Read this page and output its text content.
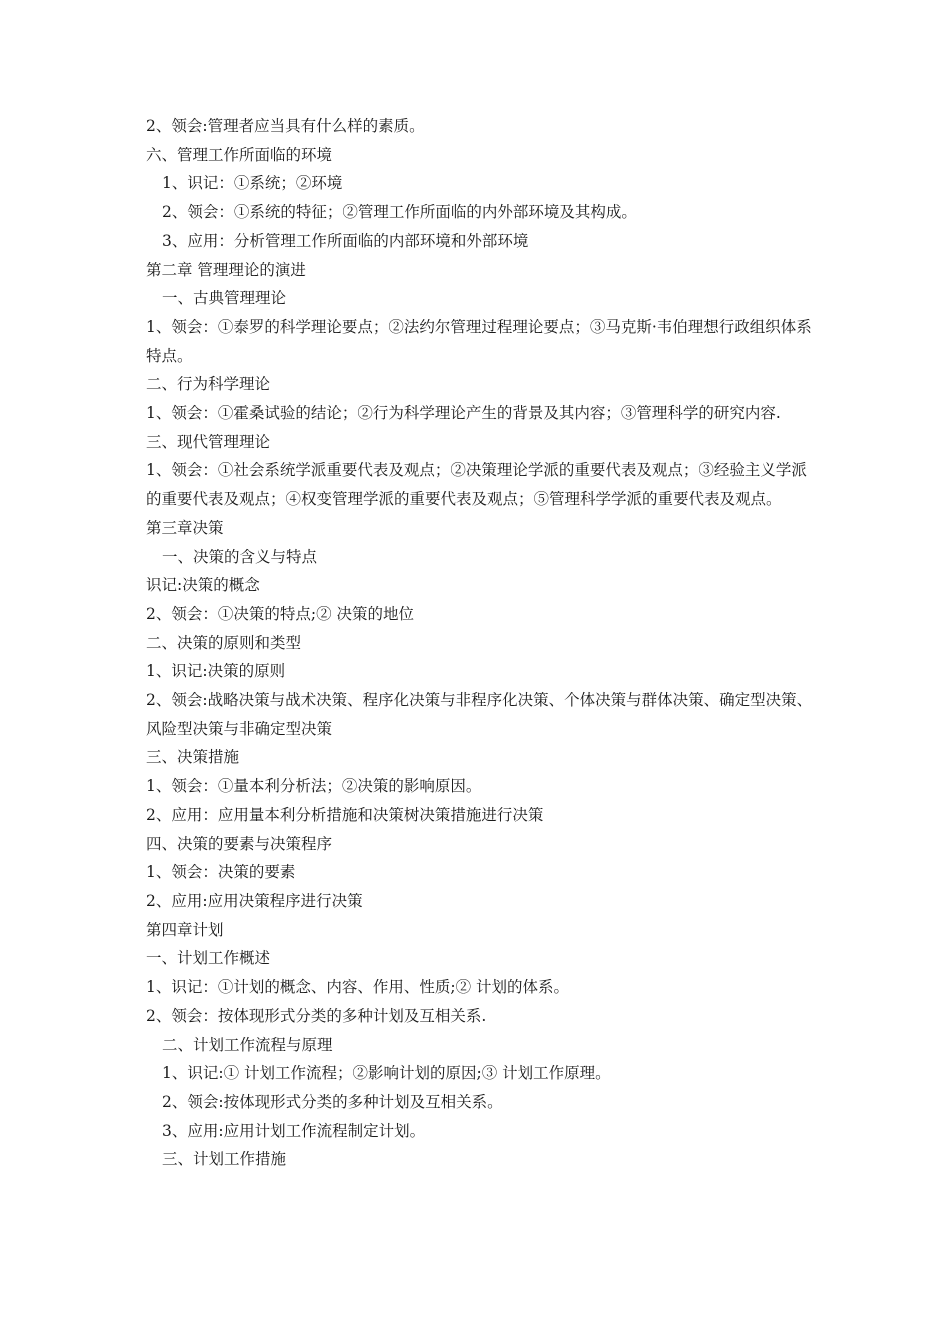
2、领会:管理者应当具有什么样的素质。

六、管理工作所面临的环境

1、识记：①系统；②环境

2、领会：①系统的特征；②管理工作所面临的内外部环境及其构成。

3、应用：分析管理工作所面临的内部环境和外部环境

第二章 管理理论的演进

一、古典管理理论

1、领会：①泰罗的科学理论要点；②法约尔管理过程理论要点；③马克斯·韦伯理想行政组织体系特点。

二、行为科学理论

1、领会：①霍桑试验的结论；②行为科学理论产生的背景及其内容；③管理科学的研究内容.

三、现代管理理论

1、领会：①社会系统学派重要代表及观点；②决策理论学派的重要代表及观点；③经验主义学派的重要代表及观点；④权变管理学派的重要代表及观点；⑤管理科学学派的重要代表及观点。

第三章决策

一、决策的含义与特点

识记:决策的概念

2、领会：①决策的特点;② 决策的地位

二、决策的原则和类型

1、识记:决策的原则

2、领会:战略决策与战术决策、程序化决策与非程序化决策、个体决策与群体决策、确定型决策、风险型决策与非确定型决策

三、决策措施

1、领会：①量本利分析法；②决策的影响原因。

2、应用：应用量本利分析措施和决策树决策措施进行决策

四、决策的要素与决策程序

1、领会：决策的要素

2、应用:应用决策程序进行决策

第四章计划

一、计划工作概述

1、识记：①计划的概念、内容、作用、性质;② 计划的体系。

2、领会：按体现形式分类的多种计划及互相关系.

二、计划工作流程与原理

1、识记:① 计划工作流程；②影响计划的原因;③ 计划工作原理。

2、领会:按体现形式分类的多种计划及互相关系。

3、应用:应用计划工作流程制定计划。

三、计划工作措施
